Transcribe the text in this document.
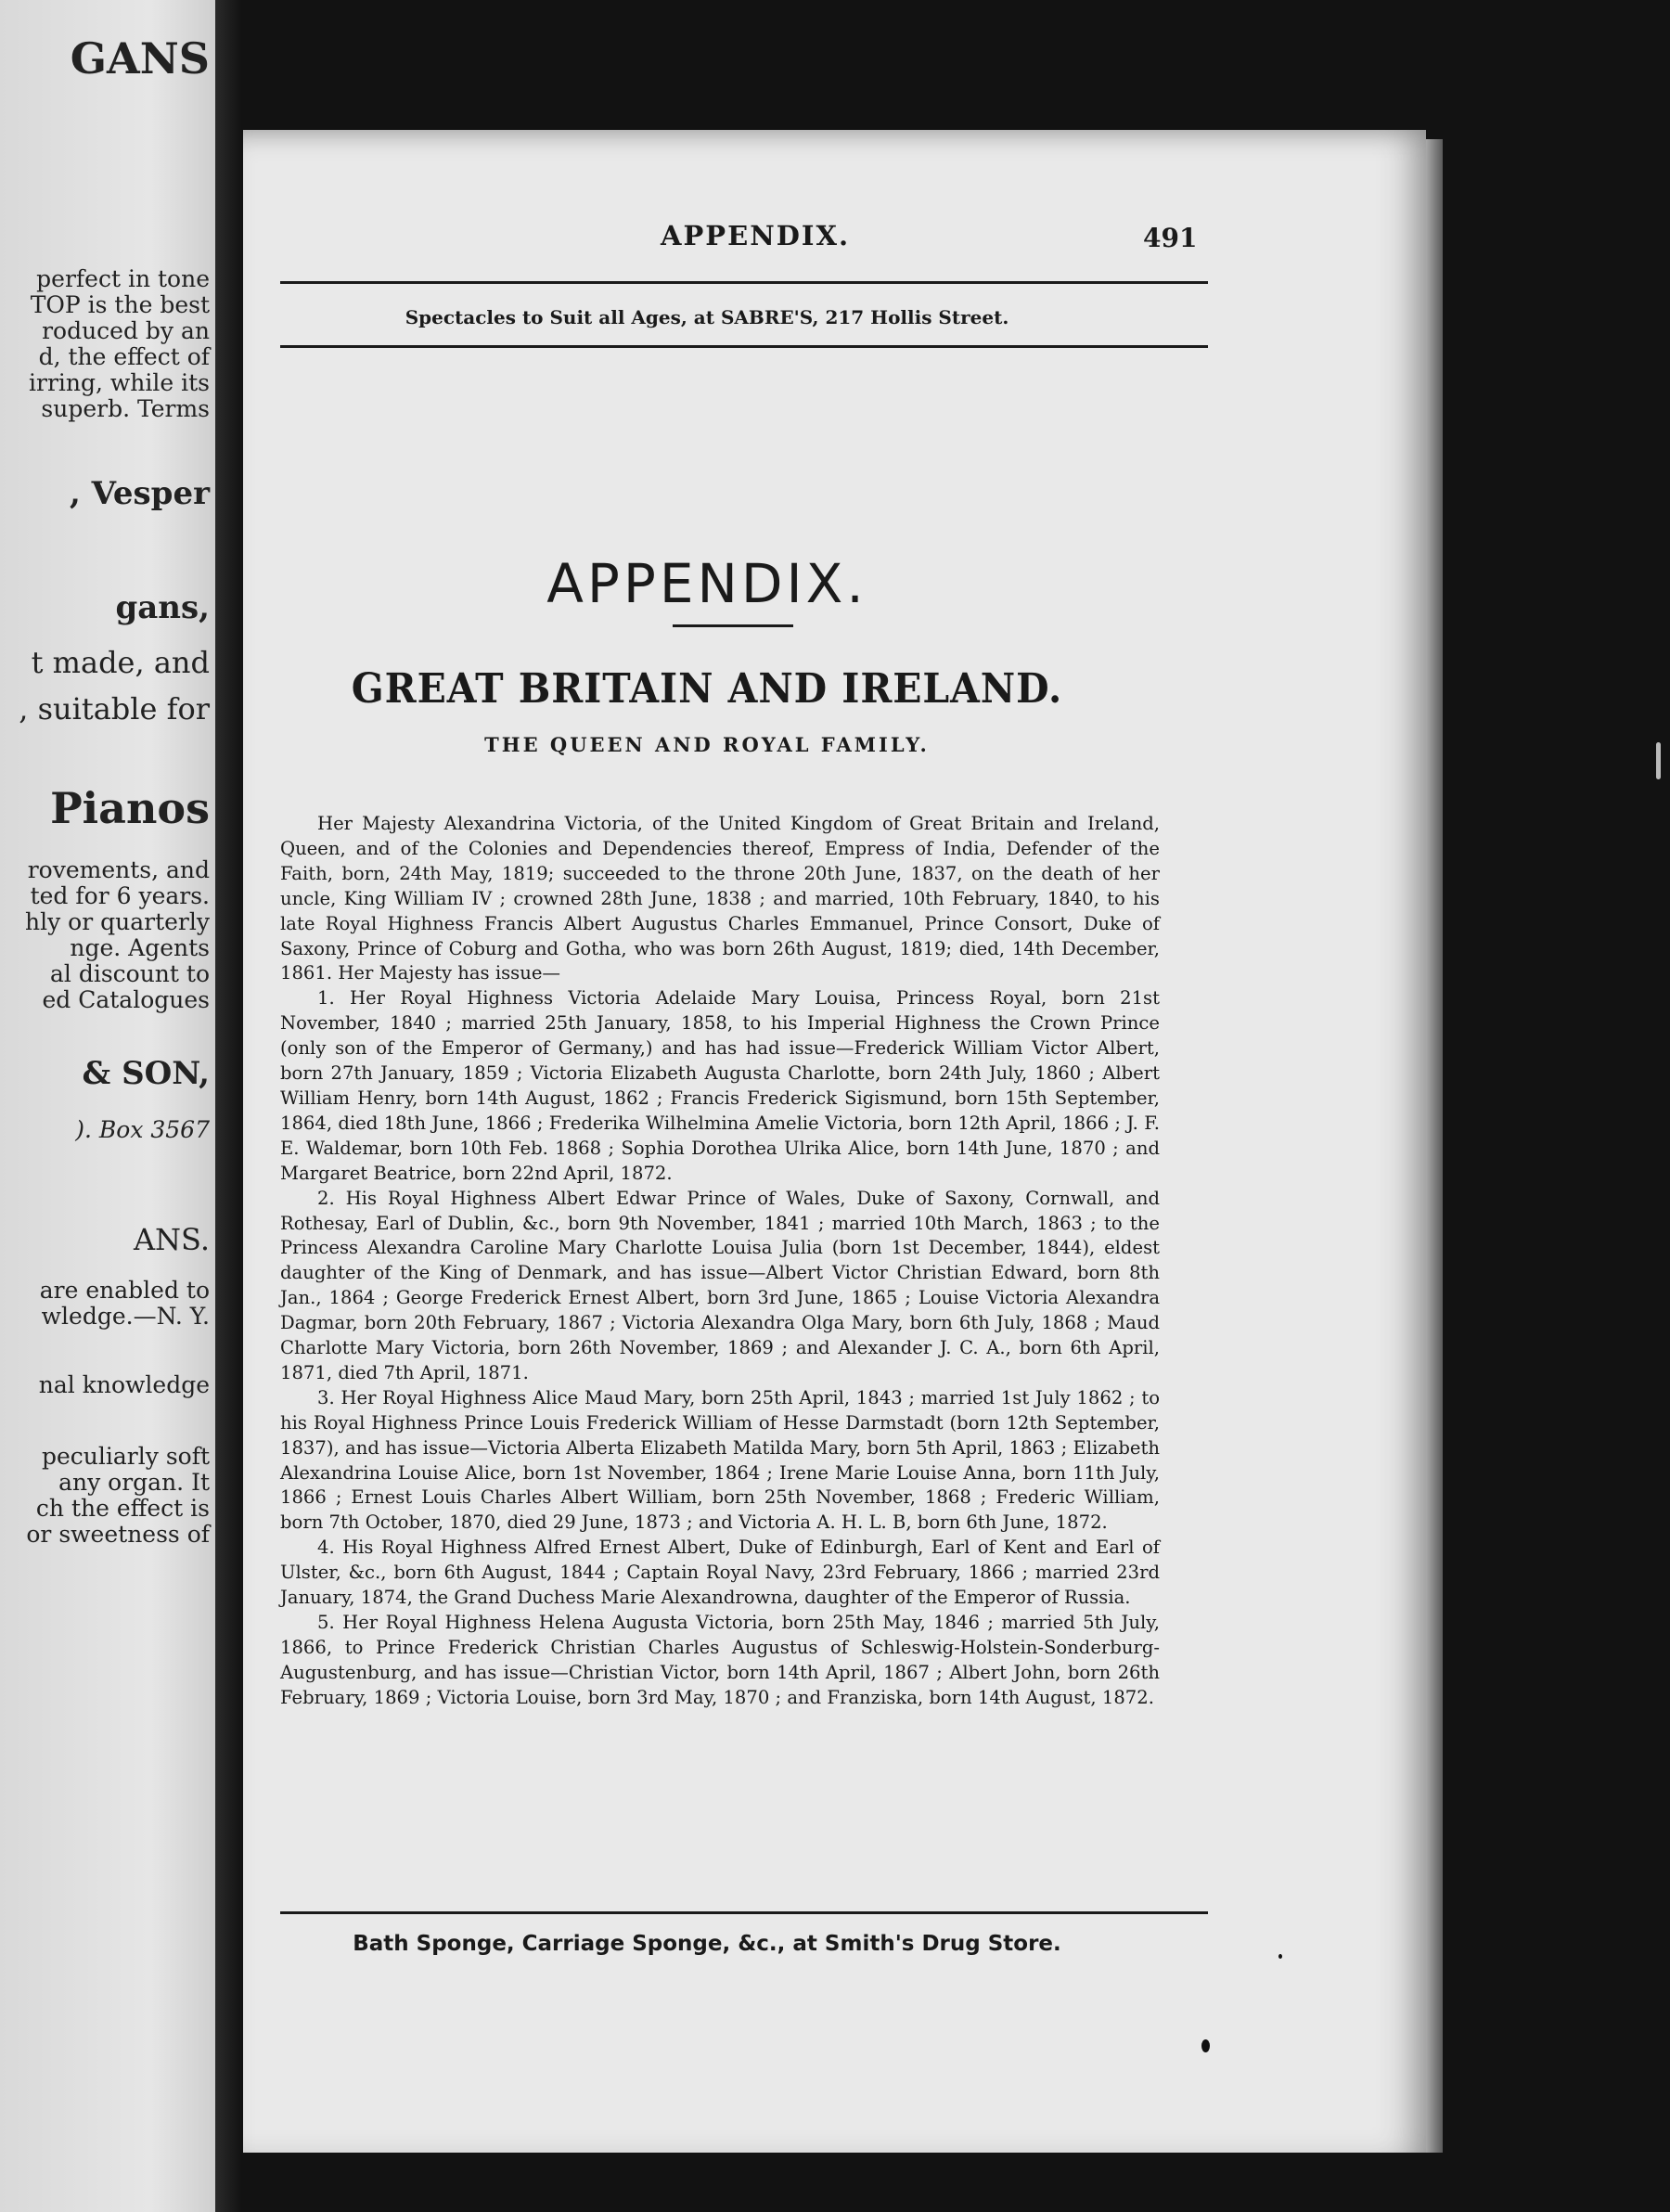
GANS
perfect in tone
TOP is the best
roduced by an
d, the effect of
irring, while its
superb. Terms
, Vesper
gans,
t made, and
, suitable for
Pianos
rovements, and
ted for 6 years.
hly or quarterly
nge. Agents
al discount to
ed Catalogues
& SON,
). Box 3567
ANS.
are enabled to
wledge.—N. Y.
nal knowledge
peculiarly soft
any organ. It
ch the effect is
or sweetness of
APPENDIX.	491
Spectacles to Suit all Ages, at SABRE'S, 217 Hollis Street.
APPENDIX.
GREAT BRITAIN AND IRELAND.
THE QUEEN AND ROYAL FAMILY.

Her Majesty Alexandrina Victoria, of the United Kingdom of Great Britain and Ireland, Queen, and of the Colonies and Dependencies thereof, Empress of India, Defender of the Faith, born, 24th May, 1819; succeeded to the throne 20th June, 1837, on the death of her uncle, King William IV ; crowned 28th June, 1838 ; and married, 10th February, 1840, to his late Royal Highness Francis Albert Augustus Charles Emmanuel, Prince Consort, Duke of Saxony, Prince of Coburg and Gotha, who was born 26th August, 1819; died, 14th December, 1861. Her Majesty has issue—

1. Her Royal Highness Victoria Adelaide Mary Louisa, Princess Royal, born 21st November, 1840 ; married 25th January, 1858, to his Imperial Highness the Crown Prince (only son of the Emperor of Germany,) and has had issue—Frederick William Victor Albert, born 27th January, 1859 ; Victoria Elizabeth Augusta Charlotte, born 24th July, 1860 ; Albert William Henry, born 14th August, 1862 ; Francis Frederick Sigismund, born 15th September, 1864, died 18th June, 1866 ; Frederika Wilhelmina Amelie Victoria, born 12th April, 1866 ; J. F. E. Waldemar, born 10th Feb. 1868 ; Sophia Dorothea Ulrika Alice, born 14th June, 1870 ; and Margaret Beatrice, born 22nd April, 1872.

2. His Royal Highness Albert Edwar Prince of Wales, Duke of Saxony, Cornwall, and Rothesay, Earl of Dublin, &c., born 9th November, 1841 ; married 10th March, 1863 ; to the Princess Alexandra Caroline Mary Charlotte Louisa Julia (born 1st December, 1844), eldest daughter of the King of Denmark, and has issue—Albert Victor Christian Edward, born 8th Jan., 1864 ; George Frederick Ernest Albert, born 3rd June, 1865 ; Louise Victoria Alexandra Dagmar, born 20th February, 1867 ; Victoria Alexandra Olga Mary, born 6th July, 1868 ; Maud Charlotte Mary Victoria, born 26th November, 1869 ; and Alexander J. C. A., born 6th April, 1871, died 7th April, 1871.

3. Her Royal Highness Alice Maud Mary, born 25th April, 1843 ; married 1st July 1862 ; to his Royal Highness Prince Louis Frederick William of Hesse Darmstadt (born 12th September, 1837), and has issue—Victoria Alberta Elizabeth Matilda Mary, born 5th April, 1863 ; Elizabeth Alexandrina Louise Alice, born 1st November, 1864 ; Irene Marie Louise Anna, born 11th July, 1866 ; Ernest Louis Charles Albert William, born 25th November, 1868 ; Frederic William, born 7th October, 1870, died 29 June, 1873 ; and Victoria A. H. L. B, born 6th June, 1872.

4. His Royal Highness Alfred Ernest Albert, Duke of Edinburgh, Earl of Kent and Earl of Ulster, &c., born 6th August, 1844 ; Captain Royal Navy, 23rd February, 1866 ; married 23rd January, 1874, the Grand Duchess Marie Alexandrowna, daughter of the Emperor of Russia.

5. Her Royal Highness Helena Augusta Victoria, born 25th May, 1846 ; married 5th July, 1866, to Prince Frederick Christian Charles Augustus of Schleswig-Holstein-Sonderburg-Augustenburg, and has issue—Christian Victor, born 14th April, 1867 ; Albert John, born 26th February, 1869 ; Victoria Louise, born 3rd May, 1870 ; and Franziska, born 14th August, 1872.

Bath Sponge, Carriage Sponge, &c., at Smith's Drug Store.
